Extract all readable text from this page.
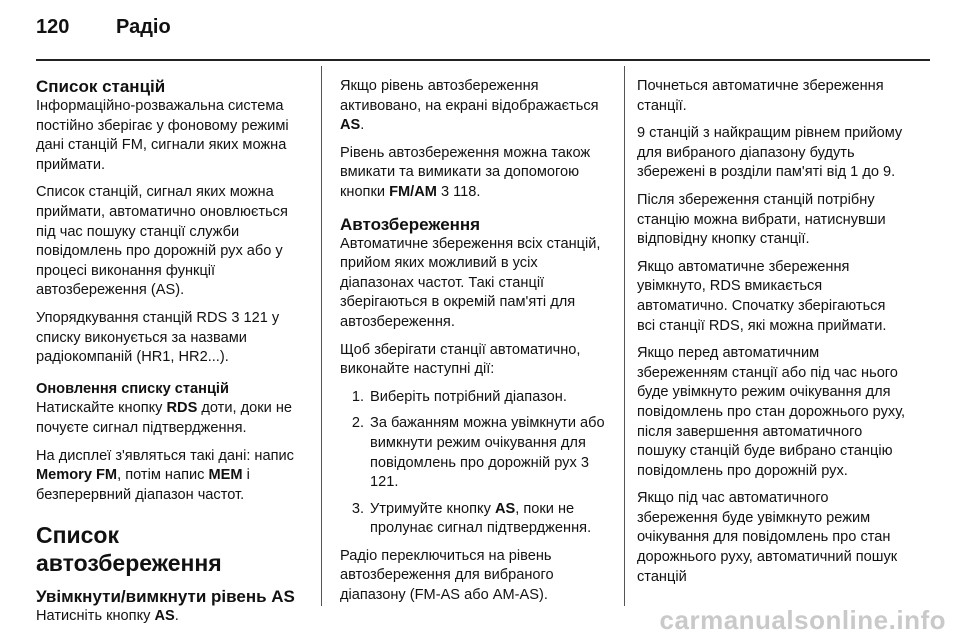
120 Радіо
Список станцій

Інформаційно-розважальна система постійно зберігає у фоновому режимі дані станцій FM, сигнали яких можна приймати.

Список станцій, сигнал яких можна приймати, автоматично оновлюється під час пошуку станції служби повідомлень про дорожній рух або у процесі виконання функції автозбереження (AS).

Упорядкування станцій RDS 3 121 у списку виконується за назвами радіокомпаній (HR1, HR2...).

Оновлення списку станцій

Натискайте кнопку RDS доти, доки не почуєте сигнал підтвердження.

На дисплеї з'являться такі дані: напис Memory FM, потім напис MEM і безперервний діапазон частот.

Список автозбереження
Увімкнути/вимкнути рівень AS

Натисніть кнопку AS.

Якщо рівень автозбереження активовано, на екрані відображається AS.

Рівень автозбереження можна також вмикати та вимикати за допомогою кнопки FM/AM 3 118.

Автозбереження

Автоматичне збереження всіх станцій, прийом яких можливий в усіх діапазонах частот. Такі станції зберігаються в окремій пам'яті для автозбереження.

Щоб зберігати станції автоматично, виконайте наступні дії:

1. Виберіть потрібний діапазон.
2. За бажанням можна увімкнути або вимкнути режим очікування для повідомлень про дорожній рух 3 121.
3. Утримуйте кнопку AS, поки не пролунає сигнал підтвердження.

Радіо переключиться на рівень автозбереження для вибраного діапазону (FM-AS або AM-AS).

Почнеться автоматичне збереження станції.

9 станцій з найкращим рівнем прийому для вибраного діапазону будуть збережені в розділи пам'яті від 1 до 9.

Після збереження станцій потрібну станцію можна вибрати, натиснувши відповідну кнопку станції.

Якщо автоматичне збереження увімкнуто, RDS вмикається автоматично. Спочатку зберігаються всі станції RDS, які можна приймати.

Якщо перед автоматичним збереженням станції або під час нього буде увімкнуто режим очікування для повідомлень про стан дорожнього руху, після завершення автоматичного пошуку станцій буде вибрано станцію повідомлень про дорожній рух.

Якщо під час автоматичного збереження буде увімкнуто режим очікування для повідомлень про стан дорожнього руху, автоматичний пошук станцій

carmanualsonline.info
